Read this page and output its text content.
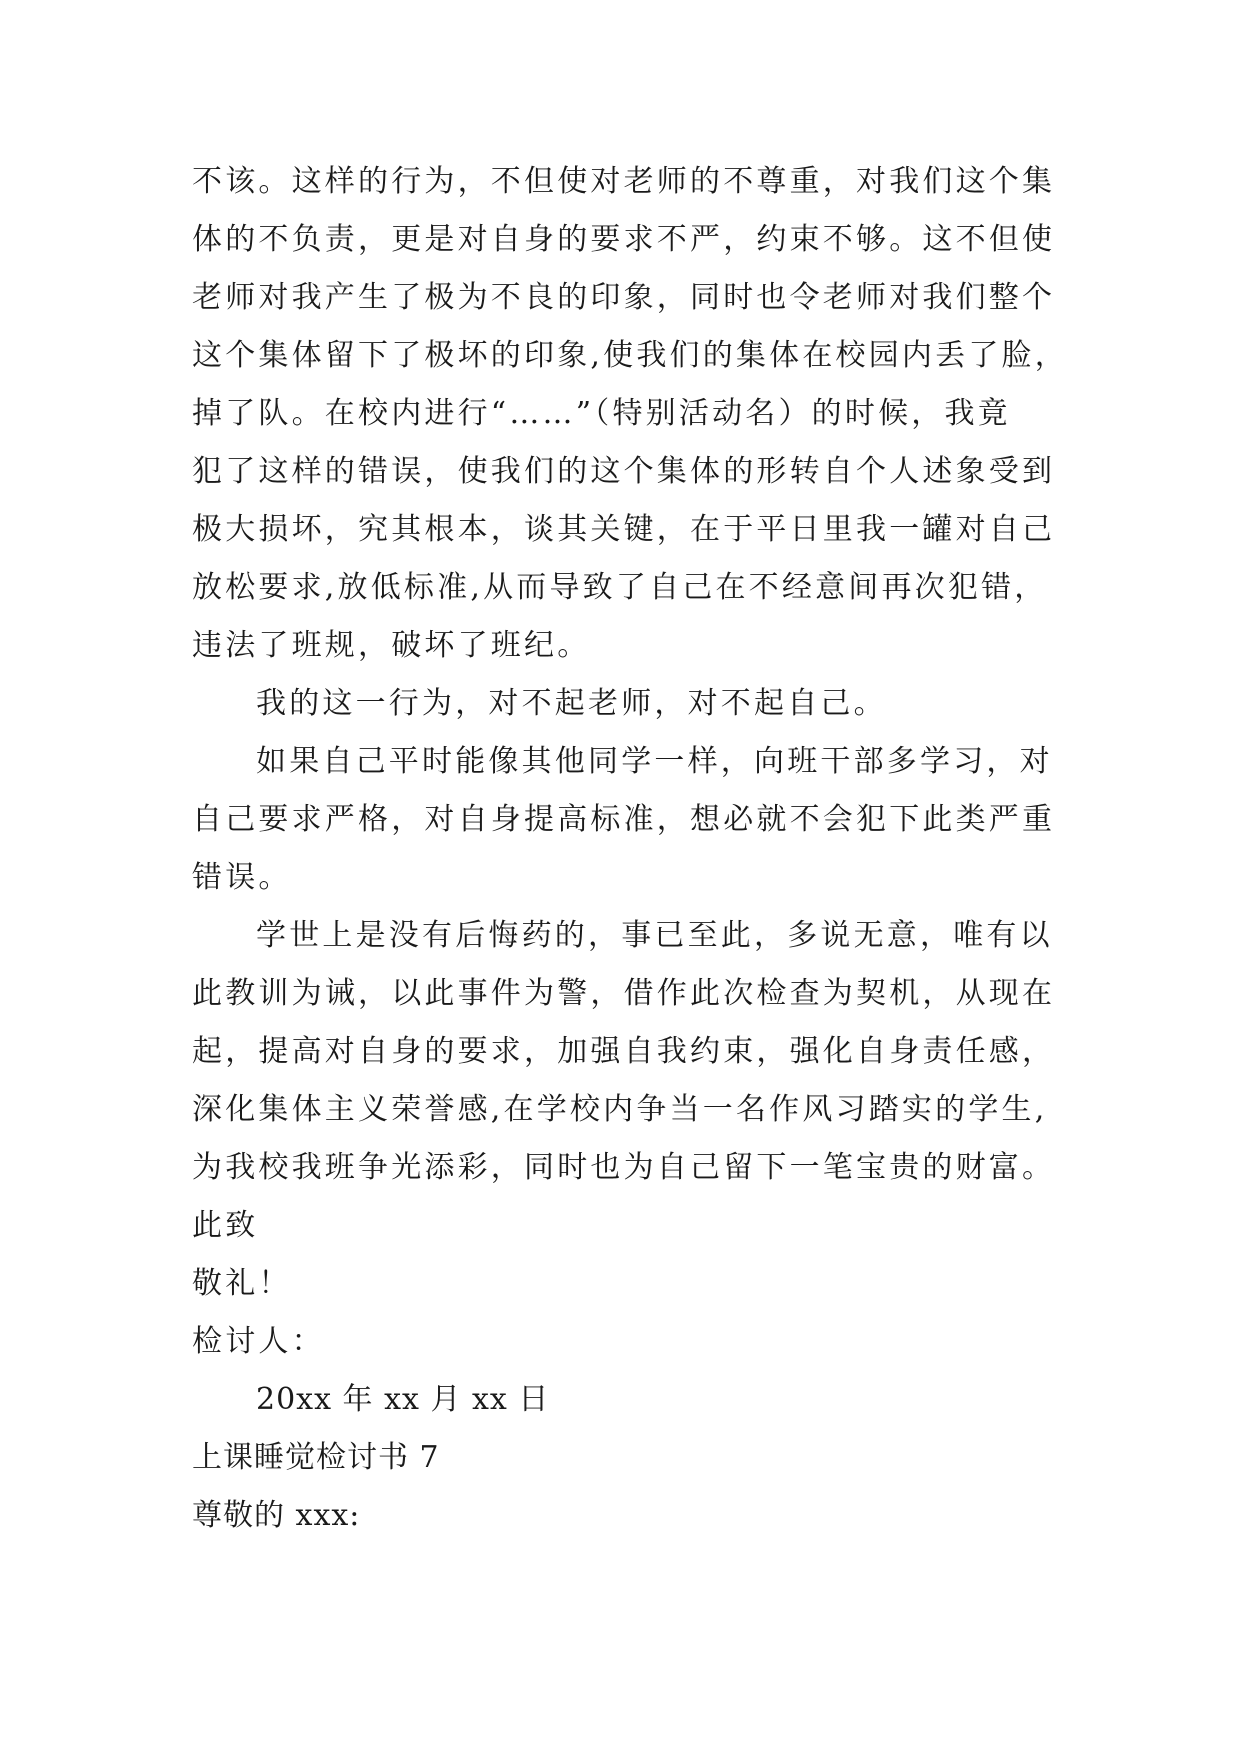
不该。这样的行为，不但使对老师的不尊重，对我们这个集
体的不负责，更是对自身的要求不严，约束不够。这不但使
老师对我产生了极为不良的印象，同时也令老师对我们整个
这个集体留下了极坏的印象,使我们的集体在校园内丢了脸，
掉了队。在校内进行“……”（特别活动名）的时候，我竟
犯了这样的错误，使我们的这个集体的形转自个人述象受到
极大损坏，究其根本，谈其关键，在于平日里我一罐对自己
放松要求,放低标准,从而导致了自己在不经意间再次犯错，
违法了班规，破坏了班纪。
我的这一行为，对不起老师，对不起自己。
如果自己平时能像其他同学一样，向班干部多学习，对
自己要求严格，对自身提高标准，想必就不会犯下此类严重
错误。
学世上是没有后悔药的，事已至此，多说无意，唯有以
此教训为诫，以此事件为警，借作此次检查为契机，从现在
起，提高对自身的要求，加强自我约束，强化自身责任感，
深化集体主义荣誉感,在学校内争当一名作风习踏实的学生,
为我校我班争光添彩，同时也为自己留下一笔宝贵的财富。
此致
敬礼！
检讨人：
20xx 年 xx 月 xx 日
上课睡觉检讨书 7
尊敬的 xxx:
